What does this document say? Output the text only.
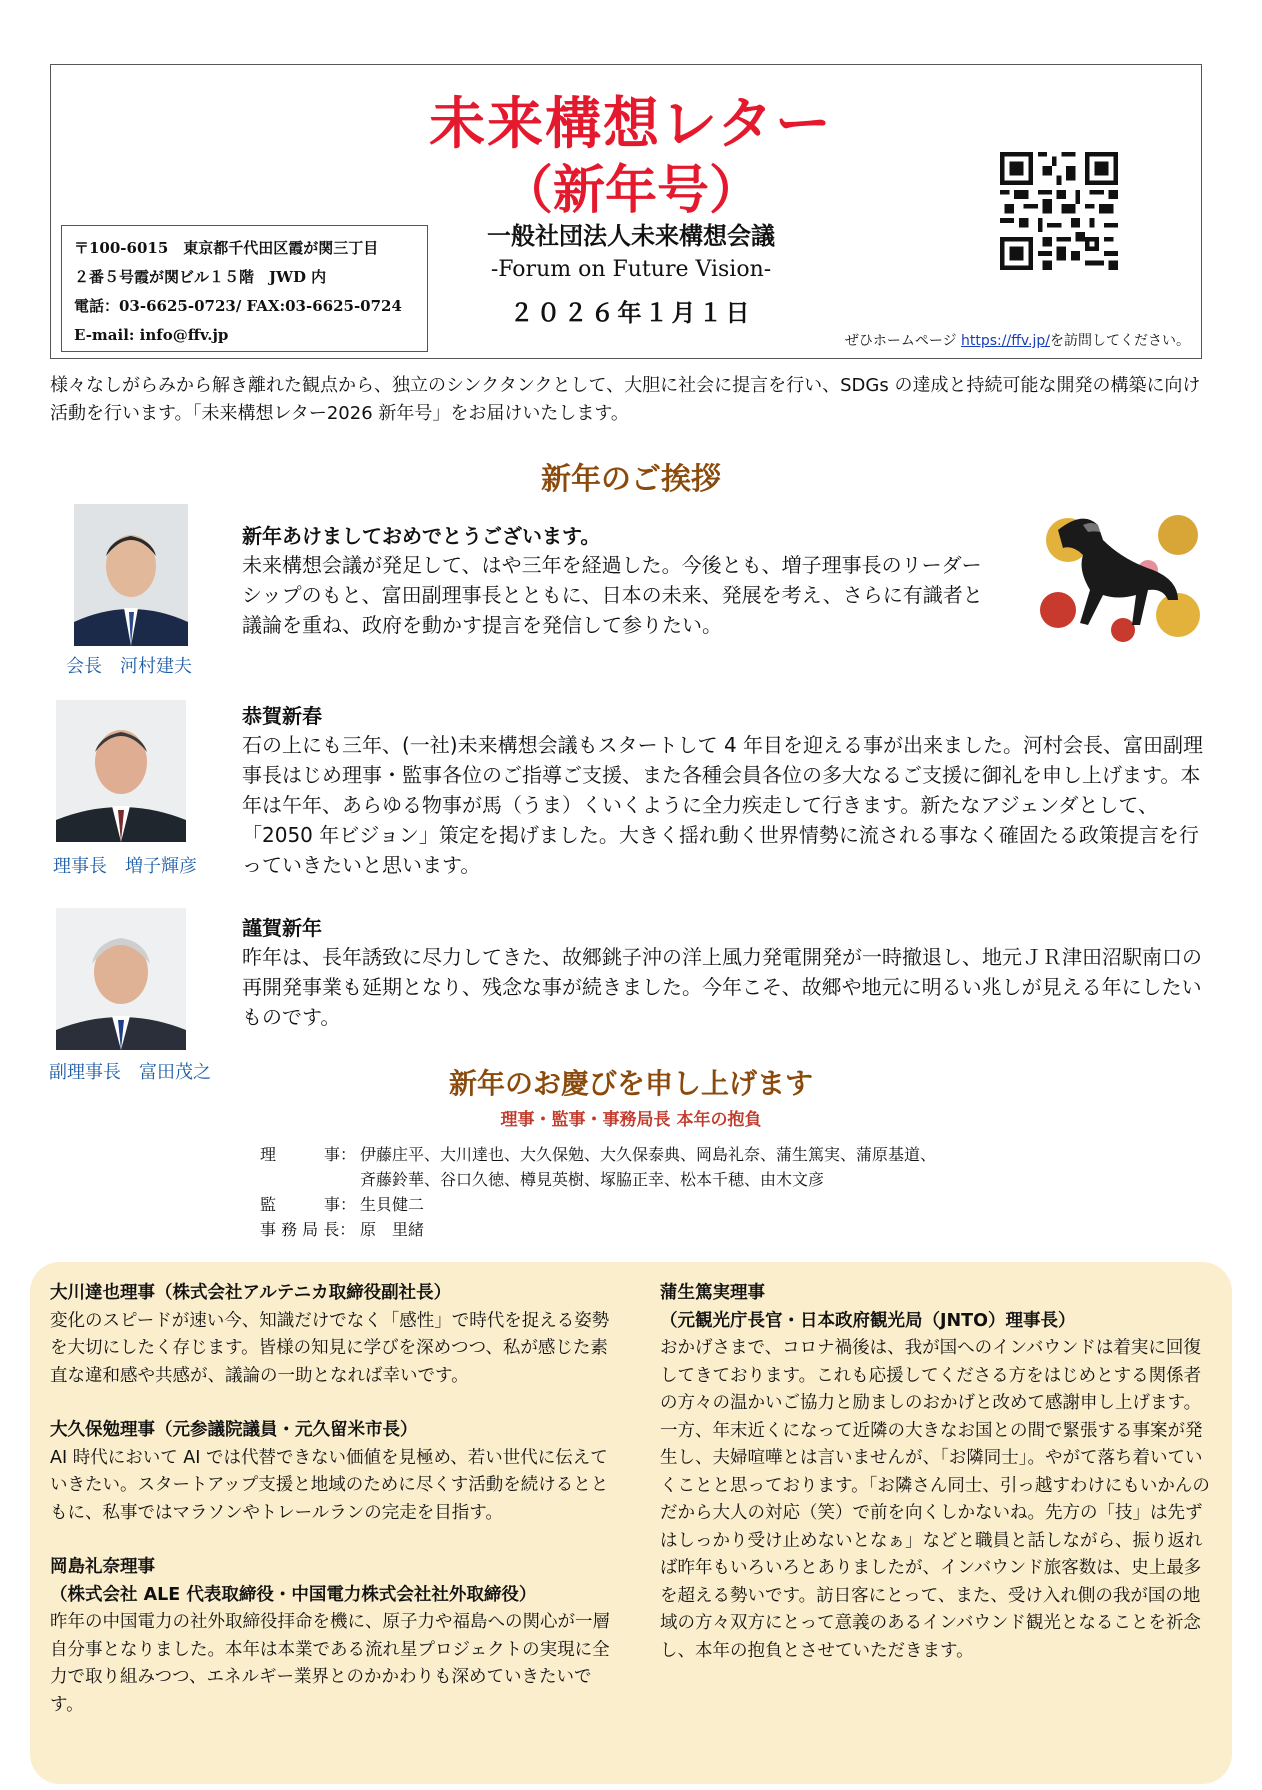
未来構想レター
（新年号）
一般社団法人未来構想会議
-Forum on Future Vision-
２０２６年１月１日
〒100-6015　東京都千代田区霞が関三丁目
２番５号霞が関ビル１５階　JWD 内
電話：03-6625-0723/ FAX:03-6625-0724
E-mail: info@ffv.jp	ぜひホームページ https://ffv.jp/を訪問してください。
様々なしがらみから解き離れた観点から、独立のシンクタンクとして、大胆に社会に提言を行い、SDGs の達成と持続可能な開発の構築に向け活動を行います。「未来構想レター2026 新年号」をお届けいたします。
新年のご挨拶
会長　河村建夫
新年あけましておめでとうございます。
未来構想会議が発足して、はや三年を経過した。今後とも、増子理事長のリーダーシップのもと、富田副理事長とともに、日本の未来、発展を考え、さらに有識者と議論を重ね、政府を動かす提言を発信して参りたい。
理事長　増子輝彦
恭賀新春
石の上にも三年、(一社)未来構想会議もスタートして 4 年目を迎える事が出来ました。河村会長、富田副理事長はじめ理事・監事各位のご指導ご支援、また各種会員各位の多大なるご支援に御礼を申し上げます。本年は午年、あらゆる物事が馬（うま）くいくように全力疾走して行きます。新たなアジェンダとして、「2050 年ビジョン」策定を掲げました。大きく揺れ動く世界情勢に流される事なく確固たる政策提言を行っていきたいと思います。
副理事長　富田茂之
謹賀新年
昨年は、長年誘致に尽力してきた、故郷銚子沖の洋上風力発電開発が一時撤退し、地元ＪＲ津田沼駅南口の再開発事業も延期となり、残念な事が続きました。今年こそ、故郷や地元に明るい兆しが見える年にしたいものです。
新年のお慶びを申し上げます
理事・監事・事務局長 本年の抱負
理　　　事： 伊藤庄平、大川達也、大久保勉、大久保泰典、岡島礼奈、蒲生篤実、蒲原基道、
斉藤鈴華、谷口久徳、樽見英樹、塚脇正幸、松本千穂、由木文彦
監　　　事： 生貝健二
事 務 局 長： 原　里緒
大川達也理事（株式会社アルテニカ取締役副社長）
変化のスピードが速い今、知識だけでなく「感性」で時代を捉える姿勢を大切にしたく存じます。皆様の知見に学びを深めつつ、私が感じた素直な違和感や共感が、議論の一助となれば幸いです。
大久保勉理事（元参議院議員・元久留米市長）
AI 時代において AI では代替できない価値を見極め、若い世代に伝えていきたい。スタートアップ支援と地域のために尽くす活動を続けるとともに、私事ではマラソンやトレールランの完走を目指す。
岡島礼奈理事
（株式会社 ALE 代表取締役・中国電力株式会社社外取締役）
昨年の中国電力の社外取締役拝命を機に、原子力や福島への関心が一層自分事となりました。本年は本業である流れ星プロジェクトの実現に全力で取り組みつつ、エネルギー業界とのかかわりも深めていきたいです。
蒲生篤実理事
（元観光庁長官・日本政府観光局（JNTO）理事長）
おかげさまで、コロナ禍後は、我が国へのインバウンドは着実に回復してきております。これも応援してくださる方をはじめとする関係者の方々の温かいご協力と励ましのおかげと改めて感謝申し上げます。一方、年末近くになって近隣の大きなお国との間で緊張する事案が発生し、夫婦喧嘩とは言いませんが、「お隣同士」。やがて落ち着いていくことと思っております。「お隣さん同士、引っ越すわけにもいかんのだから大人の対応（笑）で前を向くしかないね。先方の「技」は先ずはしっかり受け止めないとなぁ」などと職員と話しながら、振り返れば昨年もいろいろとありましたが、インバウンド旅客数は、史上最多を超える勢いです。訪日客にとって、また、受け入れ側の我が国の地域の方々双方にとって意義のあるインバウンド観光となることを祈念し、本年の抱負とさせていただきます。
